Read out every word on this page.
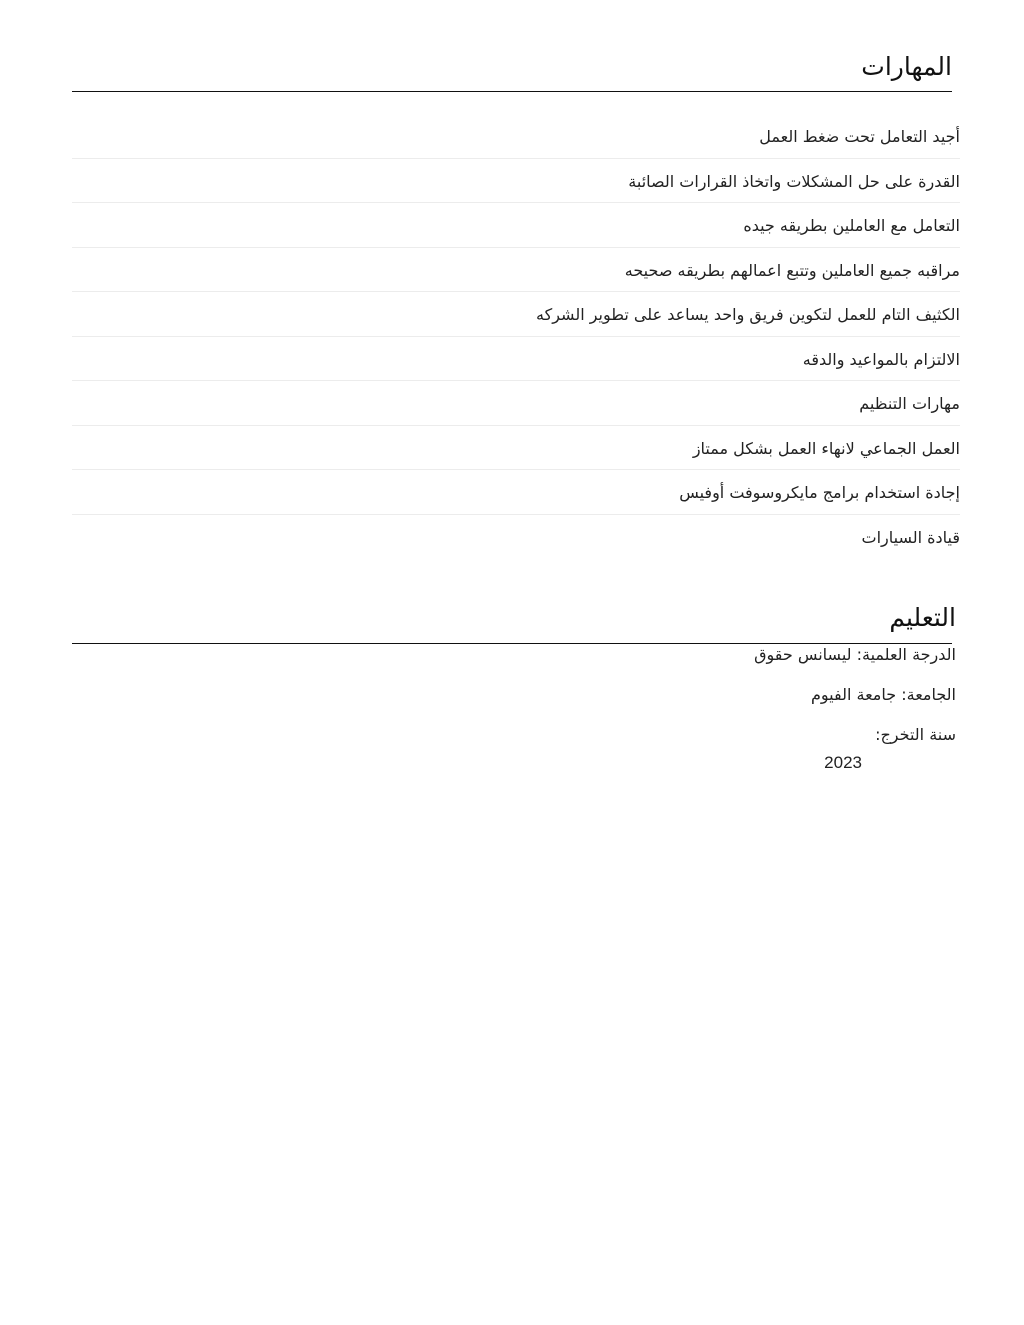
المهارات
أجيد التعامل تحت ضغط العمل
القدرة على حل المشكلات واتخاذ القرارات الصائبة
التعامل مع العاملين بطريقه جيده
مراقبه جميع العاملين وتتبع اعمالهم بطريقه صحيحه
الكثيف التام للعمل لتكوين فريق واحد يساعد على تطوير الشركه
الالتزام بالمواعيد والدقه
مهارات التنظيم
العمل الجماعي لانهاء العمل بشكل ممتاز
إجادة استخدام برامج مايكروسوفت أوفيس
قيادة السيارات
التعليم
الدرجة العلمية: ليسانس حقوق
الجامعة: جامعة الفيوم
سنة التخرج:
2023
